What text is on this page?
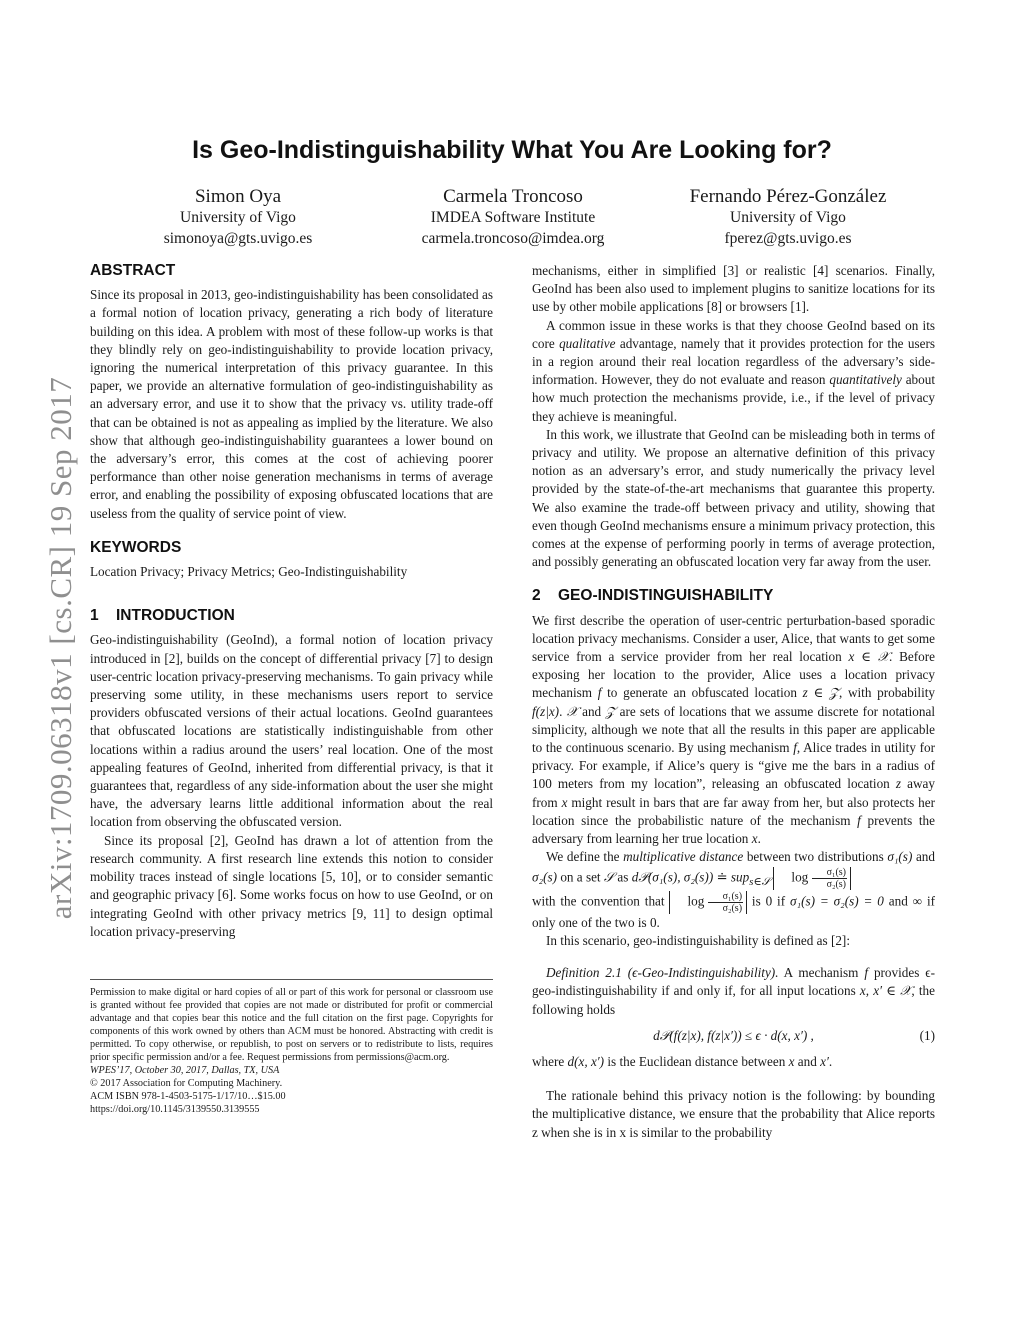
Is Geo-Indistinguishability What You Are Looking for?
Simon Oya
University of Vigo
simonoya@gts.uvigo.es
Carmela Troncoso
IMDEA Software Institute
carmela.troncoso@imdea.org
Fernando Pérez-González
University of Vigo
fperez@gts.uvigo.es
arXiv:1709.06318v1 [cs.CR] 19 Sep 2017
ABSTRACT

Since its proposal in 2013, geo-indistinguishability has been consolidated as a formal notion of location privacy, generating a rich body of literature building on this idea. A problem with most of these follow-up works is that they blindly rely on geo-indistinguishability to provide location privacy, ignoring the numerical interpretation of this privacy guarantee. In this paper, we provide an alternative formulation of geo-indistinguishability as an adversary error, and use it to show that the privacy vs. utility trade-off that can be obtained is not as appealing as implied by the literature. We also show that although geo-indistinguishability guarantees a lower bound on the adversary’s error, this comes at the cost of achieving poorer performance than other noise generation mechanisms in terms of average error, and enabling the possibility of exposing obfuscated locations that are useless from the quality of service point of view.

KEYWORDS

Location Privacy; Privacy Metrics; Geo-Indistinguishability

1 INTRODUCTION

Geo-indistinguishability (GeoInd), a formal notion of location privacy introduced in [2], builds on the concept of differential privacy [7] to design user-centric location privacy-preserving mechanisms. To gain privacy while preserving some utility, in these mechanisms users report to service providers obfuscated versions of their actual locations. GeoInd guarantees that obfuscated locations are statistically indistinguishable from other locations within a radius around the users’ real location. One of the most appealing features of GeoInd, inherited from differential privacy, is that it guarantees that, regardless of any side-information about the user she might have, the adversary learns little additional information about the real location from observing the obfuscated version.

Since its proposal [2], GeoInd has drawn a lot of attention from the research community. A first research line extends this notion to consider mobility traces instead of single locations [5, 10], or to consider semantic and geographic privacy [6]. Some works focus on how to use GeoInd, or on integrating GeoInd with other privacy metrics [9, 11] to design optimal location privacy-preserving

Permission to make digital or hard copies of all or part of this work for personal or classroom use is granted without fee provided that copies are not made or distributed for profit or commercial advantage and that copies bear this notice and the full citation on the first page. Copyrights for components of this work owned by others than ACM must be honored. Abstracting with credit is permitted. To copy otherwise, or republish, to post on servers or to redistribute to lists, requires prior specific permission and/or a fee. Request permissions from permissions@acm.org.

WPES’17, October 30, 2017, Dallas, TX, USA
© 2017 Association for Computing Machinery.
ACM ISBN 978-1-4503-5175-1/17/10…$15.00
https://doi.org/10.1145/3139550.3139555

mechanisms, either in simplified [3] or realistic [4] scenarios. Finally, GeoInd has been also used to implement plugins to sanitize locations for its use by other mobile applications [8] or browsers [1].

A common issue in these works is that they choose GeoInd based on its core qualitative advantage, namely that it provides protection for the users in a region around their real location regardless of the adversary’s side-information. However, they do not evaluate and reason quantitatively about how much protection the mechanisms provide, i.e., if the level of privacy they achieve is meaningful.

In this work, we illustrate that GeoInd can be misleading both in terms of privacy and utility. We propose an alternative definition of this privacy notion as an adversary’s error, and study numerically the privacy level provided by the state-of-the-art mechanisms that guarantee this property. We also examine the trade-off between privacy and utility, showing that even though GeoInd mechanisms ensure a minimum privacy protection, this comes at the expense of performing poorly in terms of average protection, and possibly generating an obfuscated location very far away from the user.

2 GEO-INDISTINGUISHABILITY

We first describe the operation of user-centric perturbation-based sporadic location privacy mechanisms. Consider a user, Alice, that wants to get some service from a service provider from her real location x ∈ 𝒳. Before exposing her location to the provider, Alice uses a location privacy mechanism f to generate an obfuscated location z ∈ 𝒵, with probability f(z|x). 𝒳 and 𝒵 are sets of locations that we assume discrete for notational simplicity, although we note that all the results in this paper are applicable to the continuous scenario. By using mechanism f, Alice trades in utility for privacy. For example, if Alice’s query is “give me the bars in a radius of 100 meters from my location”, releasing an obfuscated location z away from x might result in bars that are far away from her, but also protects her location since the probabilistic nature of the mechanism f prevents the adversary from learning her true location x.

We define the multiplicative distance between two distributions σ₁(s) and σ₂(s) on a set 𝒮 as d𝒫(σ₁(s), σ₂(s)) ≐ sup$_{s\in 𝒮}$ $\log \frac{\text{σ₁(s)}}{\text{σ₂(s)}}$

with the convention that $\log \frac{\text{σ₁(s)}}{\text{σ₂(s)}}$ is 0 if σ₁(s) = σ₂(s) = 0 and ∞ if only one of the two is 0.

In this scenario, geo-indistinguishability is defined as [2]:

Definition 2.1 (ϵ-Geo-Indistinguishability). A mechanism f provides ϵ-geo-indistinguishability if and only if, for all input locations x, x′ ∈ 𝒳, the following holds

d𝒫(f(z|x), f(z|x′)) ≤ ϵ · d(x, x′) ,	(1)

where d(x, x′) is the Euclidean distance between x and x′.

The rationale behind this privacy notion is the following: by bounding the multiplicative distance, we ensure that the probability that Alice reports z when she is in x is similar to the probability
